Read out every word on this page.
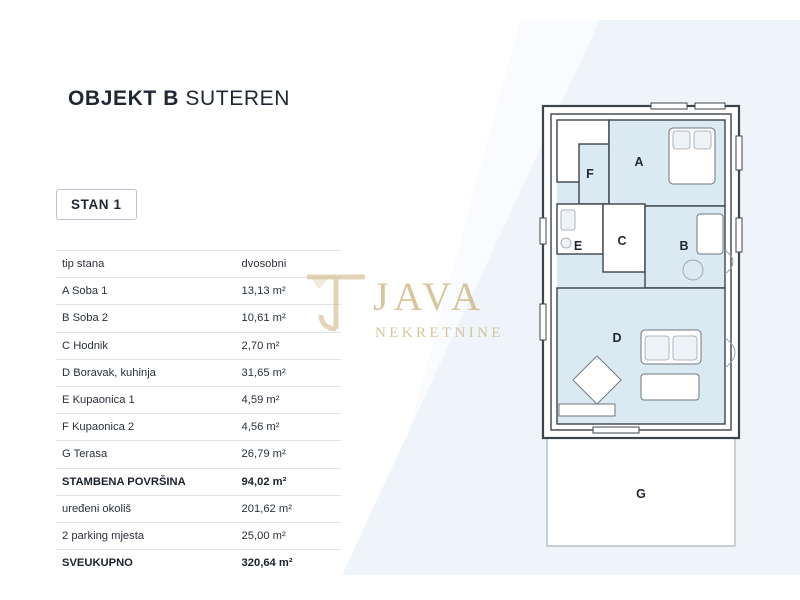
OBJEKT B SUTEREN
STAN 1
tip stana	dvosobni
A Soba 1	13,13 m²
B Soba 2	10,61 m²
C Hodnik	2,70 m²
D Boravak, kuhinja	31,65 m²
E Kupaonica 1	4,59 m²
F Kupaonica 2	4,56 m²
G Terasa	26,79 m²
STAMBENA POVRŠINA	94,02 m²
uređeni okoliš	201,62 m²
2 parking mjesta	25,00 m²
SVEUKUPNO	320,64 m²
JAVA
NEKRETNINE
A
F
E	C	B
D
G
